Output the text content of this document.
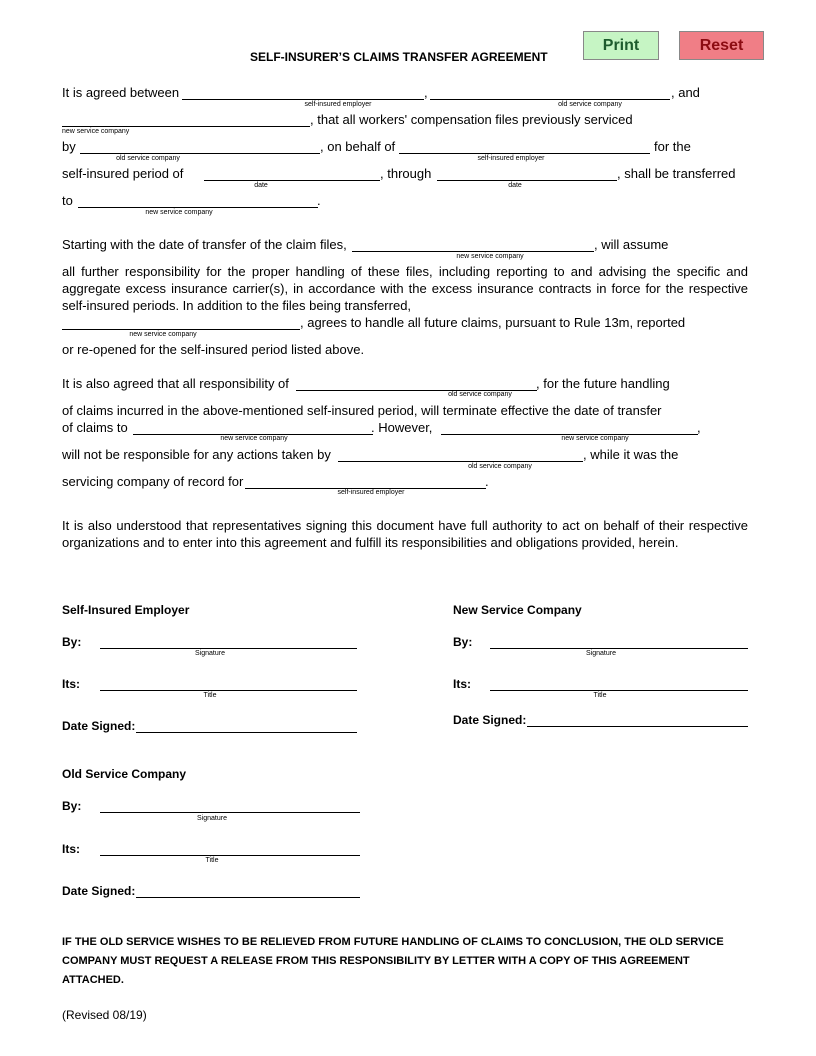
SELF-INSURER’S CLAIMS TRANSFER AGREEMENT
Print	Reset
It is agreed between
self-insured employer
,
old service company
, and
new service company
, that all workers' compensation files previously serviced
by
old service company
, on behalf of
self-insured employer
for the
self-insured period of
date
, through
date
, shall be transferred
to
new service company
.
Starting with the date of transfer of the claim files,
new service company
, will assume
all further responsibility for the proper handling of these files, including reporting to and advising the specific and aggregate excess insurance carrier(s), in accordance with the excess insurance contracts in force for the respective self-insured periods. In addition to the files being transferred,
new service company
, agrees to handle all future claims, pursuant to Rule 13m, reported
or re-opened for the self-insured period listed above.
It is also agreed that all responsibility of
old service company
, for the future handling
of claims incurred in the above-mentioned self-insured period, will terminate effective the date of transfer
of claims to
new service company
. However,
new service company
,
will not be responsible for any actions taken by
old service company
, while it was the
servicing company of record for
self-insured employer
.
It is also understood that representatives signing this document have full authority to act on behalf of their respective organizations and to enter into this agreement and fulfill its responsibilities and obligations provided, herein.
Self-Insured Employer
By:
Signature
Its:
Title
Date Signed:
New Service Company
By:
Signature
Its:
Title
Date Signed:
Old Service Company
By:
Signature
Its:
Title
Date Signed:
IF THE OLD SERVICE WISHES TO BE RELIEVED FROM FUTURE HANDLING OF CLAIMS TO CONCLUSION, THE OLD SERVICE COMPANY MUST REQUEST A RELEASE FROM THIS RESPONSIBILITY BY LETTER WITH A COPY OF THIS AGREEMENT ATTACHED.
(Revised 08/19)
